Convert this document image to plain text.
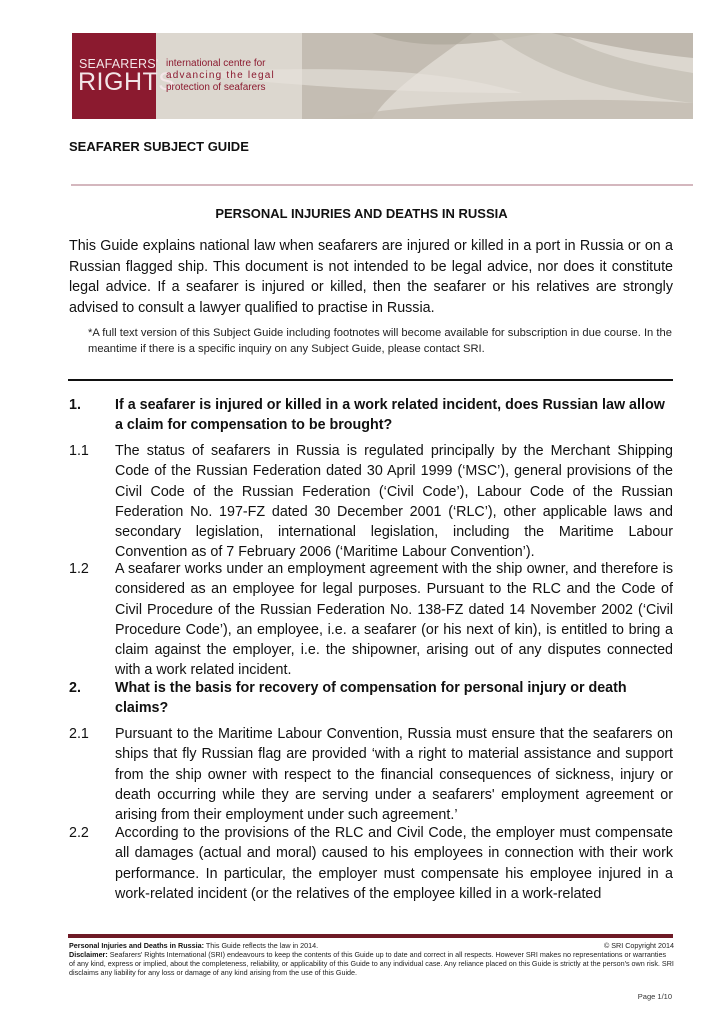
SEAFARERS'
RIGHTS
international centre for
advancing the legal
protection of seafarers
SEAFARER SUBJECT GUIDE
PERSONAL INJURIES AND DEATHS IN RUSSIA
This Guide explains national law when seafarers are injured or killed in a port in Russia or on a Russian flagged ship. This document is not intended to be legal advice, nor does it constitute legal advice. If a seafarer is injured or killed, then the seafarer or his relatives are strongly advised to consult a lawyer qualified to practise in Russia.
*A full text version of this Subject Guide including footnotes will become available for subscription in due course. In the meantime if there is a specific inquiry on any Subject Guide, please contact SRI.
1. If a seafarer is injured or killed in a work related incident, does Russian law allow a claim for compensation to be brought?
1.1 The status of seafarers in Russia is regulated principally by the Merchant Shipping Code of the Russian Federation dated 30 April 1999 (‘MSC’), general provisions of the Civil Code of the Russian Federation (‘Civil Code’), Labour Code of the Russian Federation No. 197-FZ dated 30 December 2001 (‘RLC’), other applicable laws and secondary legislation, international legislation, including the Maritime Labour Convention as of 7 February 2006 (‘Maritime Labour Convention’).
1.2 A seafarer works under an employment agreement with the ship owner, and therefore is considered as an employee for legal purposes. Pursuant to the RLC and the Code of Civil Procedure of the Russian Federation No. 138-FZ dated 14 November 2002 (‘Civil Procedure Code’), an employee, i.e. a seafarer (or his next of kin), is entitled to bring a claim against the employer, i.e. the shipowner, arising out of any disputes connected with a work related incident.
2. What is the basis for recovery of compensation for personal injury or death claims?
2.1 Pursuant to the Maritime Labour Convention, Russia must ensure that the seafarers on ships that fly Russian flag are provided ‘with a right to material assistance and support from the ship owner with respect to the financial consequences of sickness, injury or death occurring while they are serving under a seafarers' employment agreement or arising from their employment under such agreement.’
2.2 According to the provisions of the RLC and Civil Code, the employer must compensate all damages (actual and moral) caused to his employees in connection with their work performance. In particular, the employer must compensate his employee injured in a work-related incident (or the relatives of the employee killed in a work-related
Personal Injuries and Deaths in Russia: This Guide reflects the law in 2014.	© SRI Copyright 2014
Disclaimer: Seafarers' Rights International (SRI) endeavours to keep the contents of this Guide up to date and correct in all respects. However SRI makes no representations or warranties of any kind, express or implied, about the completeness, reliability, or applicability of this Guide to any individual case. Any reliance placed on this Guide is strictly at the person's own risk. SRI disclaims any liability for any loss or damage of any kind arising from the use of this Guide.
Page 1/10
